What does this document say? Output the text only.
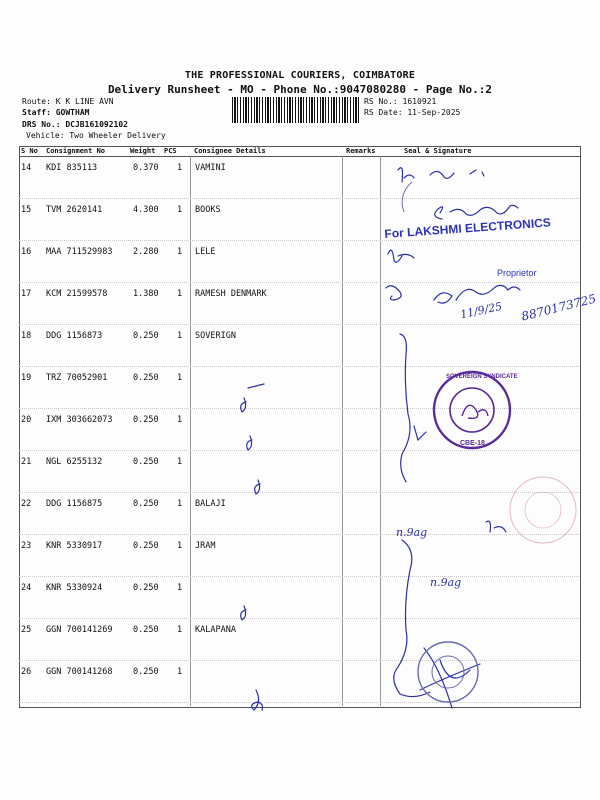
THE PROFESSIONAL COURIERS, COIMBATORE
Delivery Runsheet - MO - Phone No.:9047080280 - Page No.:2
Route: K K LINE AVN
Staff: GOWTHAM
DRS No.: DCJB161092102
Vehicle: Two Wheeler Delivery
RS No.: 1610921
RS Date: 11-Sep-2025
S No Consignment No	Weight PCS Consignee Details	Remarks	Seal & Signature
14 KDI 835113	0.370 1 VAMINI
15 TVM 2620141	4.300 1 BOOKS
16 MAA 711529983 2.280 1 LELE
17 KCM 21599578	1.380 1 RAMESH DENMARK
18 DDG 1156873	0.250 1 SOVERIGN
19 TRZ 70052901	0.250 1
20 IXM 303662073 0.250 1
21 NGL 6255132	0.250 1
22 DDG 1156875	0.250 1 BALAJI
23 KNR 5330917	0.250 1 JRAM
24 KNR 5330924	0.250 1
25 GGN 700141269 0.250 1 KALAPANA
26 GGN 700141268 0.250 1
For LAKSHMI ELECTRONICS
Proprietor
11/9/25 8870173725
SOVEREIGN SYNDICATE
CBE-18
n.9ag
n.9ag
